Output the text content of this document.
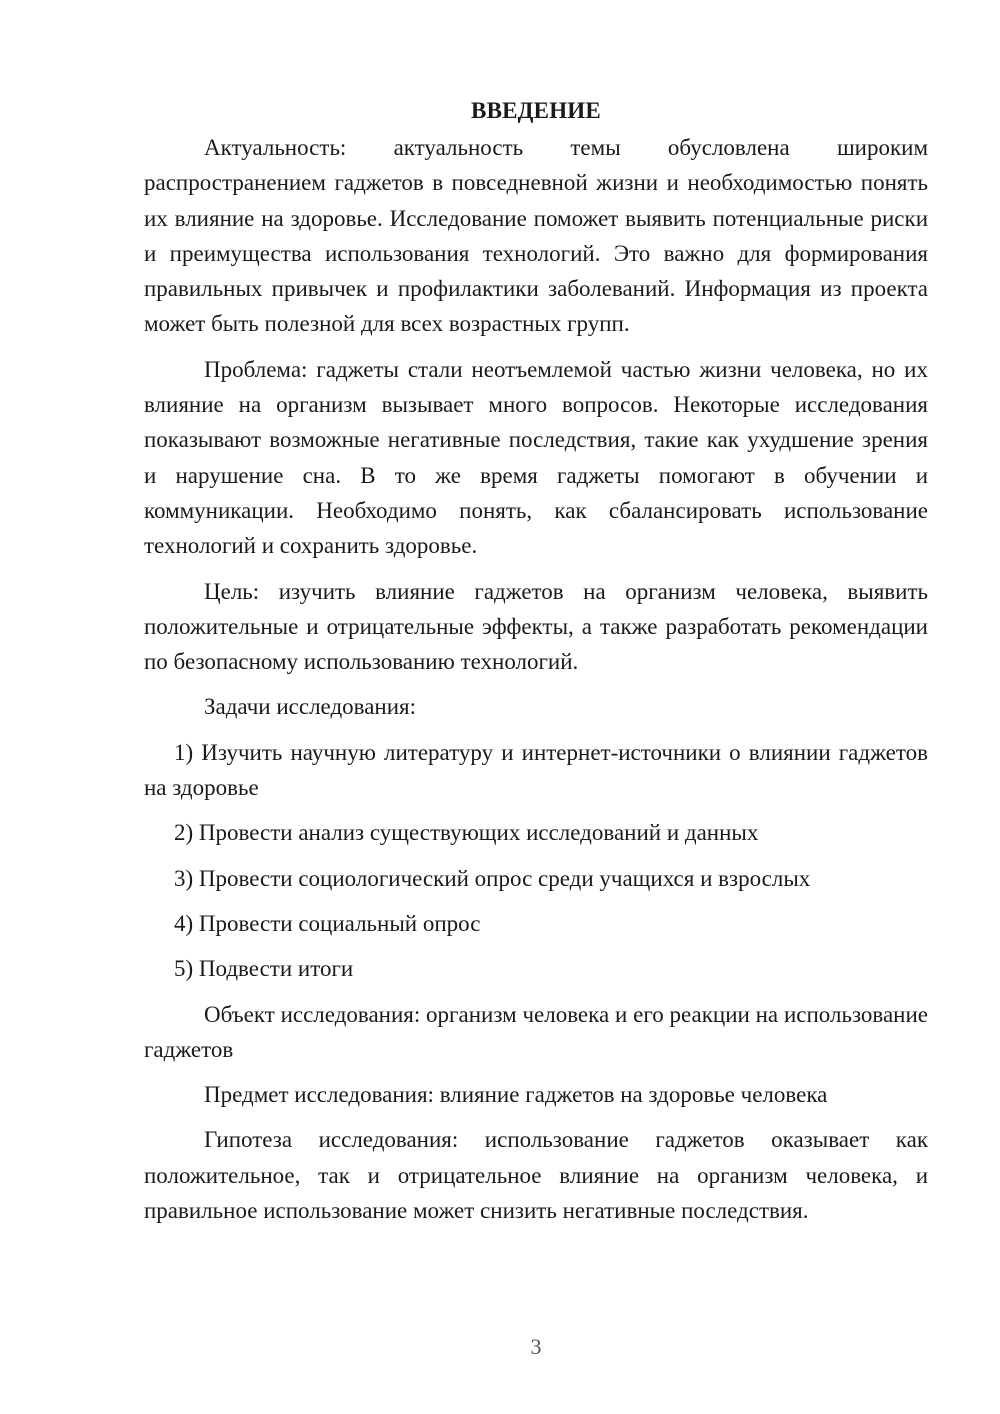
ВВЕДЕНИЕ

Актуальность: актуальность темы обусловлена широким распространением гаджетов в повседневной жизни и необходимостью понять их влияние на здоровье. Исследование поможет выявить потенциальные риски и преимущества использования технологий. Это важно для формирования правильных привычек и профилактики заболеваний. Информация из проекта может быть полезной для всех возрастных групп.

Проблема: гаджеты стали неотъемлемой частью жизни человека, но их влияние на организм вызывает много вопросов. Некоторые исследования показывают возможные негативные последствия, такие как ухудшение зрения и нарушение сна. В то же время гаджеты помогают в обучении и коммуникации. Необходимо понять, как сбалансировать использование технологий и сохранить здоровье.

Цель: изучить влияние гаджетов на организм человека, выявить положительные и отрицательные эффекты, а также разработать рекомендации по безопасному использованию технологий.

Задачи исследования:

1) Изучить научную литературу и интернет-источники о влиянии гаджетов на здоровье

2) Провести анализ существующих исследований и данных

3) Провести социологический опрос среди учащихся и взрослых

4) Провести социальный опрос

5) Подвести итоги

Объект исследования: организм человека и его реакции на использование гаджетов

Предмет исследования: влияние гаджетов на здоровье человека

Гипотеза исследования: использование гаджетов оказывает как положительное, так и отрицательное влияние на организм человека, и правильное использование может снизить негативные последствия.

3
